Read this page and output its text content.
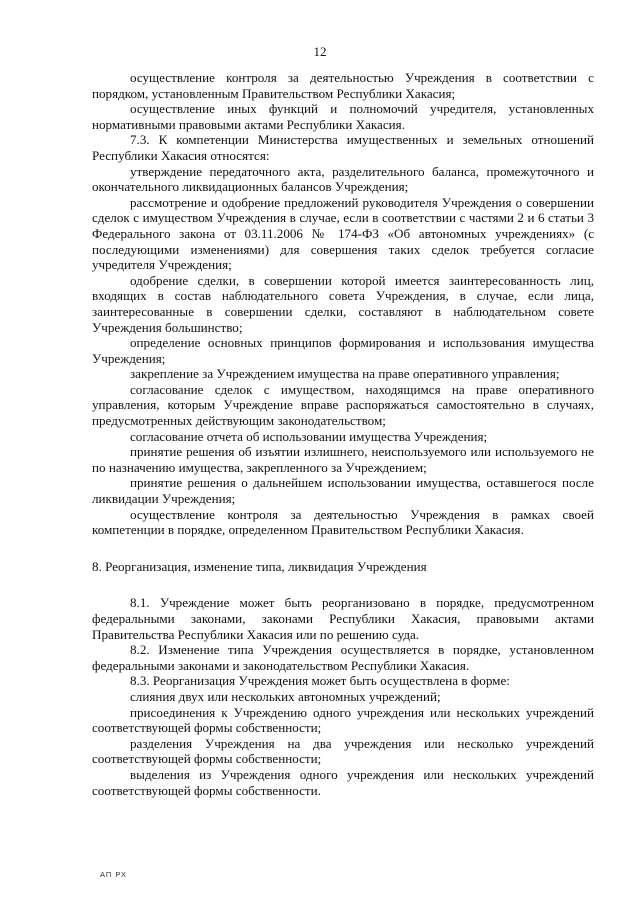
12

осуществление контроля за деятельностью Учреждения в соответствии с порядком, установленным Правительством Республики Хакасия;

осуществление иных функций и полномочий учредителя, установленных нормативными правовыми актами Республики Хакасия.

7.3. К компетенции Министерства имущественных и земельных отношений Республики Хакасия относятся:

утверждение передаточного акта, разделительного баланса, промежуточного и окончательного ликвидационных балансов Учреждения;

рассмотрение и одобрение предложений руководителя Учреждения о совершении сделок с имуществом Учреждения в случае, если в соответствии с частями 2 и 6 статьи 3 Федерального закона от 03.11.2006 № 174-ФЗ «Об автономных учреждениях» (с последующими изменениями) для совершения таких сделок требуется согласие учредителя Учреждения;

одобрение сделки, в совершении которой имеется заинтересованность лиц, входящих в состав наблюдательного совета Учреждения, в случае, если лица, заинтересованные в совершении сделки, составляют в наблюдательном совете Учреждения большинство;

определение основных принципов формирования и использования имущества Учреждения;

закрепление за Учреждением имущества на праве оперативного управления;

согласование сделок с имуществом, находящимся на праве оперативного управления, которым Учреждение вправе распоряжаться самостоятельно в случаях, предусмотренных действующим законодательством;

согласование отчета об использовании имущества Учреждения;

принятие решения об изъятии излишнего, неиспользуемого или используемого не по назначению имущества, закрепленного за Учреждением;

принятие решения о дальнейшем использовании имущества, оставшегося после ликвидации Учреждения;

осуществление контроля за деятельностью Учреждения в рамках своей компетенции в порядке, определенном Правительством Республики Хакасия.

8. Реорганизация, изменение типа, ликвидация Учреждения

8.1. Учреждение может быть реорганизовано в порядке, предусмотренном федеральными законами, законами Республики Хакасия, правовыми актами Правительства Республики Хакасия или по решению суда.

8.2. Изменение типа Учреждения осуществляется в порядке, установленном федеральными законами и законодательством Республики Хакасия.

8.3. Реорганизация Учреждения может быть осуществлена в форме:

слияния двух или нескольких автономных учреждений;

присоединения к Учреждению одного учреждения или нескольких учреждений соответствующей формы собственности;

разделения Учреждения на два учреждения или несколько учреждений соответствующей формы собственности;

выделения из Учреждения одного учреждения или нескольких учреждений соответствующей формы собственности.

АП РХ
